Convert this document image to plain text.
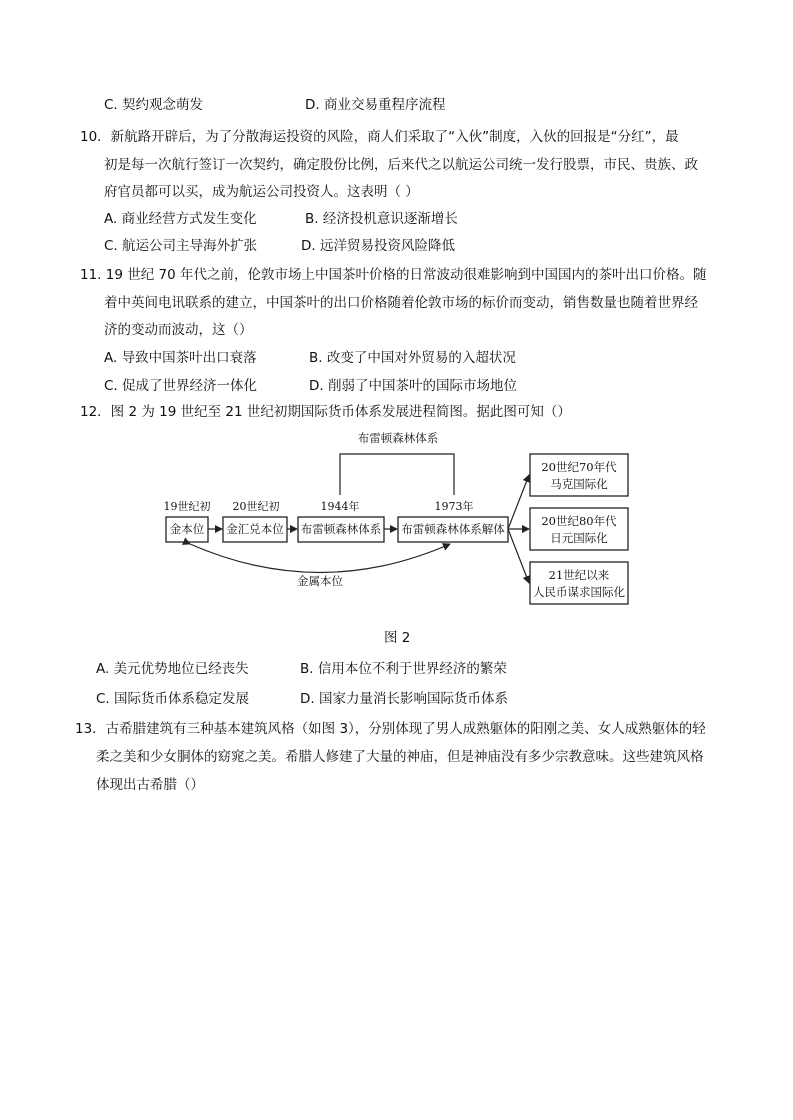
C. 契约观念萌发	D. 商业交易重程序流程
10．新航路开辟后，为了分散海运投资的风险，商人们采取了“入伙”制度，入伙的回报是“分红”，最
初是每一次航行签订一次契约，确定股份比例，后来代之以航运公司统一发行股票，市民、贵族、政
府官员都可以买，成为航运公司投资人。这表明（ ）
A. 商业经营方式发生变化	B. 经济投机意识逐渐增长
C. 航运公司主导海外扩张	D. 远洋贸易投资风险降低
11. 19 世纪 70 年代之前，伦敦市场上中国茶叶价格的日常波动很难影响到中国国内的茶叶出口价格。随
着中英间电讯联系的建立，中国茶叶的出口价格随着伦敦市场的标价而变动，销售数量也随着世界经
济的变动而波动，这（）
A. 导致中国茶叶出口衰落	B. 改变了中国对外贸易的入超状况
C. 促成了世界经济一体化	D. 削弱了中国茶叶的国际市场地位
12．图 2 为 19 世纪至 21 世纪初期国际货币体系发展进程简图。据此图可知（）
布雷顿森林体系
19世纪初 20世纪初	1944年	1973年
金本位 金汇兑本位 布雷顿森林体系 布雷顿森林体系解体
20世纪70年代
马克国际化
20世纪80年代
日元国际化
21世纪以来
人民币谋求国际化
金属本位
图 2
A. 美元优势地位已经丧失	B. 信用本位不利于世界经济的繁荣
C. 国际货币体系稳定发展	D. 国家力量消长影响国际货币体系
13．古希腊建筑有三种基本建筑风格（如图 3），分别体现了男人成熟躯体的阳刚之美、女人成熟躯体的轻
柔之美和少女胴体的窈窕之美。希腊人修建了大量的神庙，但是神庙没有多少宗教意味。这些建筑风格
体现出古希腊（）
